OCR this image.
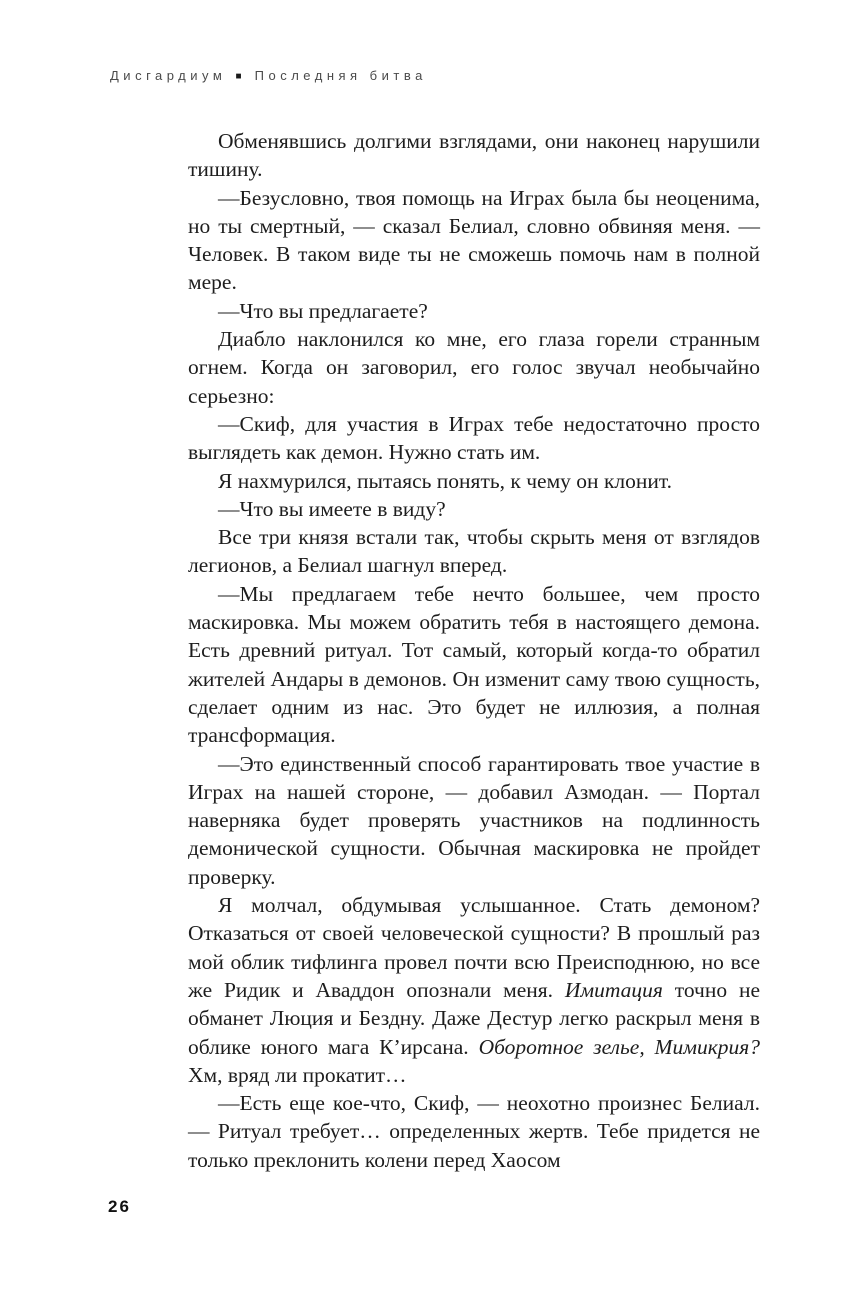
Дисгардиум ■ Последняя битва

Обменявшись долгими взглядами, они наконец нарушили тишину.

—Безусловно, твоя помощь на Играх была бы неоценима, но ты смертный, — сказал Белиал, словно обвиняя меня. — Человек. В таком виде ты не сможешь помочь нам в полной мере.

—Что вы предлагаете?

Диабло наклонился ко мне, его глаза горели странным огнем. Когда он заговорил, его голос звучал необычайно серьезно:

—Скиф, для участия в Играх тебе недостаточно просто выглядеть как демон. Нужно стать им.

Я нахмурился, пытаясь понять, к чему он клонит.

—Что вы имеете в виду?

Все три князя встали так, чтобы скрыть меня от взглядов легионов, а Белиал шагнул вперед.

—Мы предлагаем тебе нечто большее, чем просто маскировка. Мы можем обратить тебя в настоящего демона. Есть древний ритуал. Тот самый, который когда-то обратил жителей Андары в демонов. Он изменит саму твою сущность, сделает одним из нас. Это будет не иллюзия, а полная трансформация.

—Это единственный способ гарантировать твое участие в Играх на нашей стороне, — добавил Азмодан. — Портал наверняка будет проверять участников на подлинность демонической сущности. Обычная маскировка не пройдет проверку.

Я молчал, обдумывая услышанное. Стать демоном? Отказаться от своей человеческой сущности? В прошлый раз мой облик тифлинга провел почти всю Преисподнюю, но все же Ридик и Аваддон опознали меня. Имитация точно не обманет Люция и Бездну. Даже Дестур легко раскрыл меня в облике юного мага К’ирсана. Оборотное зелье, Мимикрия? Хм, вряд ли прокатит…

—Есть еще кое-что, Скиф, — неохотно произнес Белиал. — Ритуал требует… определенных жертв. Тебе придется не только преклонить колени перед Хаосом

26
